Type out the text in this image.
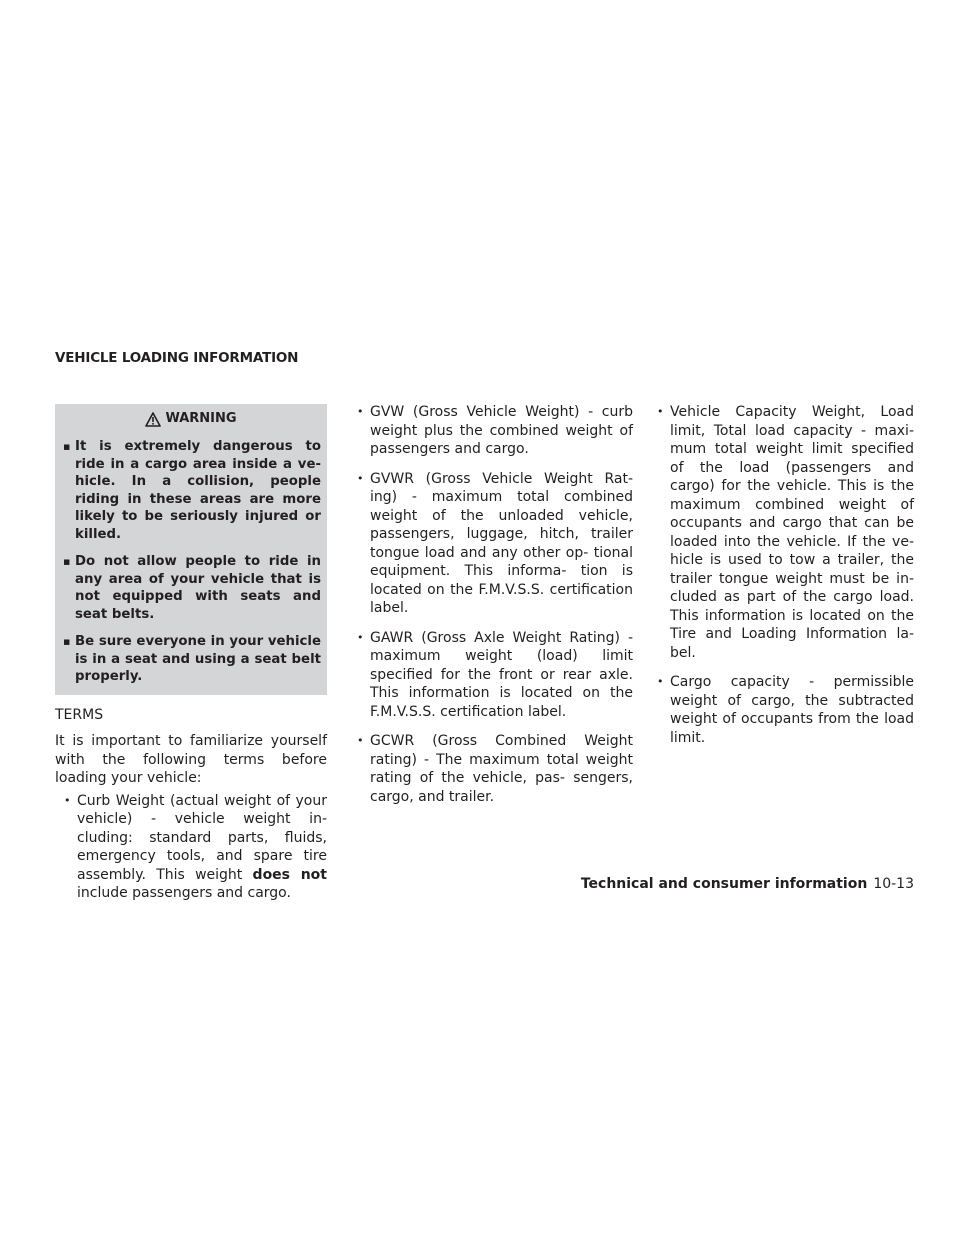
VEHICLE LOADING INFORMATION
WARNING
▪ It is extremely dangerous to ride in a cargo area inside a ve- hicle. In a collision, people riding in these areas are more likely to be seriously injured or killed.
▪ Do not allow people to ride in any area of your vehicle that is not equipped with seats and seat belts.
▪ Be sure everyone in your vehicle is in a seat and using a seat belt properly.

TERMS

It is important to familiarize yourself with the following terms before loading your vehicle:

• Curb Weight (actual weight of your vehicle) - vehicle weight in- cluding: standard parts, fluids, emergency tools, and spare tire assembly. This weight does not include passengers and cargo.
• GVW (Gross Vehicle Weight) - curb weight plus the combined weight of passengers and cargo.
• GVWR (Gross Vehicle Weight Rat- ing) - maximum total combined weight of the unloaded vehicle, passengers, luggage, hitch, trailer tongue load and any other op- tional equipment. This informa- tion is located on the F.M.V.S.S. certification label.
• GAWR (Gross Axle Weight Rating) - maximum weight (load) limit specified for the front or rear axle. This information is located on the F.M.V.S.S. certification label.
• GCWR (Gross Combined Weight rating) - The maximum total weight rating of the vehicle, pas- sengers, cargo, and trailer.
• Vehicle Capacity Weight, Load limit, Total load capacity - maxi- mum total weight limit specified of the load (passengers and cargo) for the vehicle. This is the maximum combined weight of occupants and cargo that can be loaded into the vehicle. If the ve- hicle is used to tow a trailer, the trailer tongue weight must be in- cluded as part of the cargo load. This information is located on the Tire and Loading Information la- bel.
• Cargo capacity - permissible weight of cargo, the subtracted weight of occupants from the load limit.
Technical and consumer information 10-13
